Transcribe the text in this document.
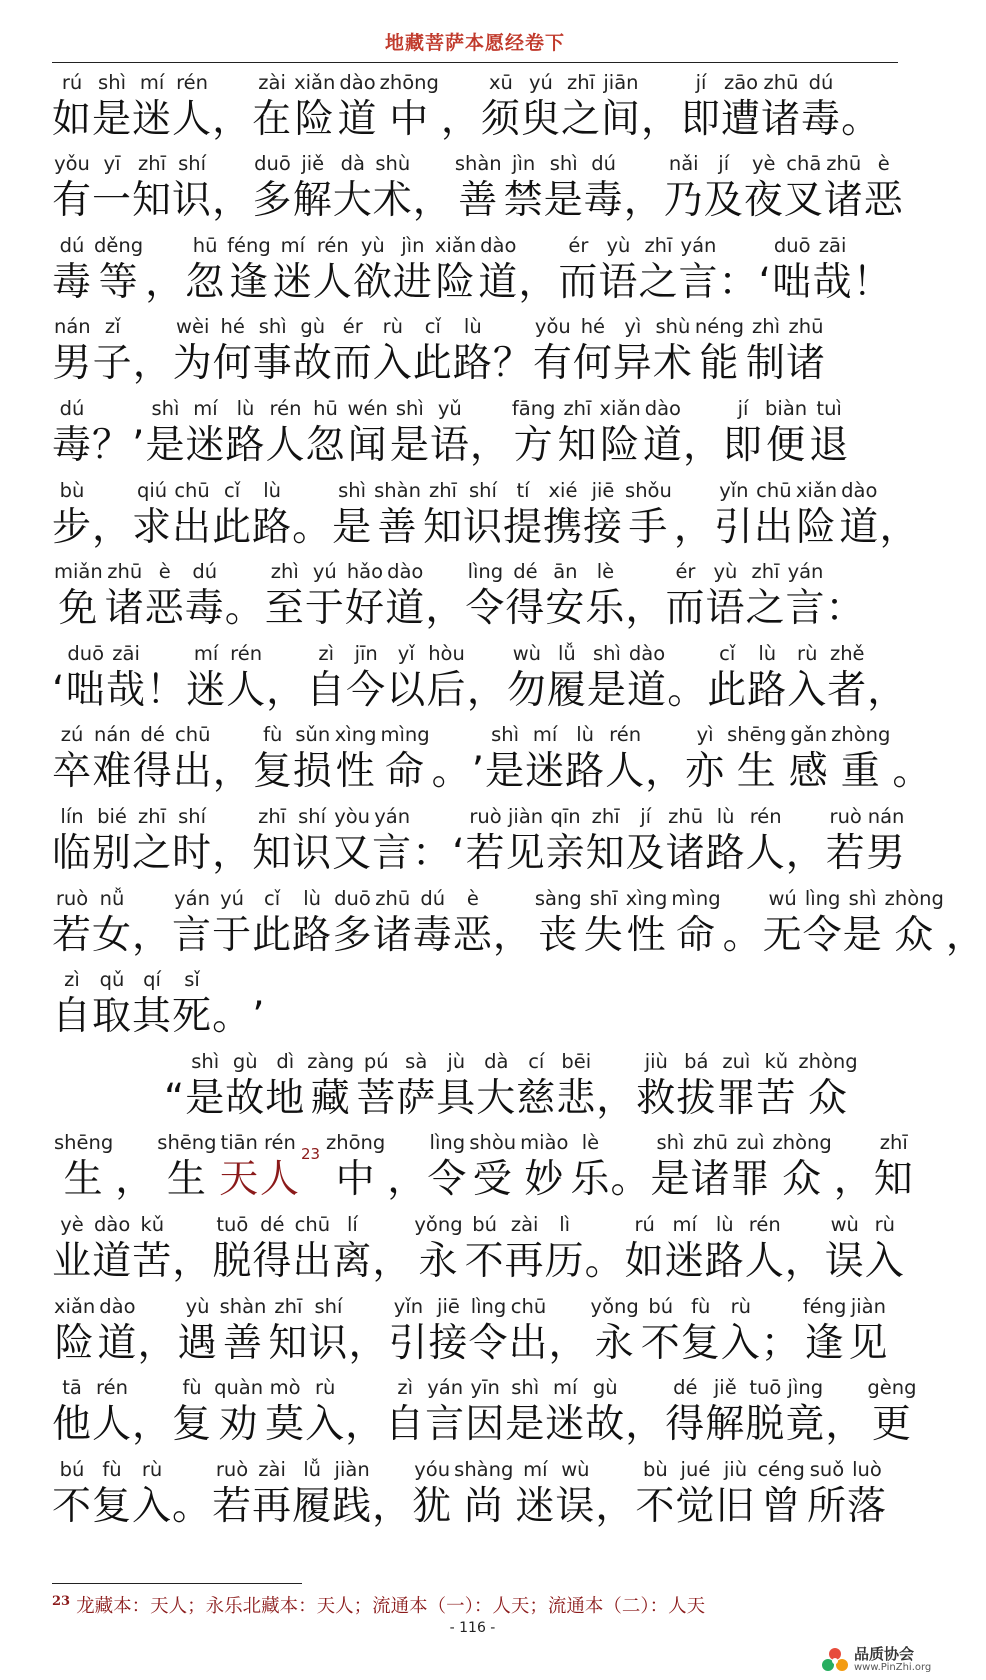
地藏菩萨本愿经卷下
rú
如
shì
是
mí
迷
rén
人 ，
zài
在
xiǎn
险
dào
道
zhōng
中 ，
xū
须
yú
臾
zhī
之
jiān
间 ，
jí
即
zāo
遭
zhū
诸
dú
毒 。
yǒu
有
yī
一
zhī
知
shí
识 ，
duō
多
jiě
解
dà
大
shù
术 ，
shàn
善
jìn
禁
shì
是
dú
毒 ，
nǎi
乃
jí
及
yè
夜
chā
叉
zhū
诸
è
恶
dú
毒
děng
等 ，
hū
忽
féng
逢
mí
迷
rén
人
yù
欲
jìn
进
xiǎn
险
dào
道 ，
ér
而
yù
语
zhī
之
yán
言 ： ‘
duō
咄
zāi
哉 ！
nán
男
zǐ
子 ，
wèi
为
hé
何
shì
事
gù
故
ér
而
rù
入
cǐ
此
lù
路 ？
yǒu
有
hé
何
yì
异
shù
术
néng
能
zhì
制
zhū
诸
dú
毒 ？ ’
shì
是
mí
迷
lù
路
rén
人
hū
忽
wén
闻
shì
是
yǔ
语 ，
fāng
方
zhī
知
xiǎn
险
dào
道 ，
jí
即
biàn
便
tuì
退
bù
步 ，
qiú
求
chū
出
cǐ
此
lù
路 。
shì
是
shàn
善
zhī
知
shí
识
tí
提
xié
携
jiē
接
shǒu
手 ，
yǐn
引
chū
出
xiǎn
险
dào
道 ，
miǎn
免
zhū
诸
è
恶
dú
毒 。
zhì
至
yú
于
hǎo
好
dào
道 ，
lìng
令
dé
得
ān
安
lè
乐 ，
ér
而
yù
语
zhī
之
yán
言 ：
‘
duō
咄
zāi
哉 ！
mí
迷
rén
人 ，
zì
自
jīn
今
yǐ
以
hòu
后 ，
wù
勿
lǚ
履
shì
是
dào
道 。
cǐ
此
lù
路
rù
入
zhě
者 ，
zú
卒
nán
难
dé
得
chū
出 ，
fù
复
sǔn
损
xìng
性
mìng
命 。 ’
shì
是
mí
迷
lù
路
rén
人 ，
yì
亦
shēng
生
gǎn
感
zhòng
重 。
lín
临
bié
别
zhī
之
shí
时 ，
zhī
知
shí
识
yòu
又
yán
言 ： ‘
ruò
若
jiàn
见
qīn
亲
zhī
知
jí
及
zhū
诸
lù
路
rén
人 ，
ruò
若
nán
男
ruò
若
nǚ
女 ，
yán
言
yú
于
cǐ
此
lù
路
duō
多
zhū
诸
dú
毒
è
恶 ，
sàng
丧
shī
失
xìng
性
mìng
命 。
wú
无
lìng
令
shì
是
zhòng
众 ，
zì
自
qǔ
取
qí
其
sǐ
死 。 ’
“
shì
是
gù
故
dì
地
zàng
藏
pú
菩
sà
萨
jù
具
dà
大
cí
慈
bēi
悲 ，
jiù
救
bá
拔
zuì
罪
kǔ
苦
zhòng
众
shēng
生 ，
shēng
生
tiān
天
rén
人
23 zhōng
中 ，
lìng
令
shòu
受
miào
妙
lè
乐 。
shì
是
zhū
诸
zuì
罪
zhòng
众 ，
zhī
知
yè
业
dào
道
kǔ
苦 ，
tuō
脱
dé
得
chū
出
lí
离 ，
yǒng
永
bú
不
zài
再
lì
历 。
rú
如
mí
迷
lù
路
rén
人 ，
wù
误
rù
入
xiǎn
险
dào
道 ，
yù
遇
shàn
善
zhī
知
shí
识 ，
yǐn
引
jiē
接
lìng
令
chū
出 ，
yǒng
永
bú
不
fù
复
rù
入 ；
féng
逢
jiàn
见
tā
他
rén
人 ，
fù
复
quàn
劝
mò
莫
rù
入 ，
zì
自
yán
言
yīn
因
shì
是
mí
迷
gù
故 ，
dé
得
jiě
解
tuō
脱
jìng
竟 ，
gèng
更
bú
不
fù
复
rù
入 。
ruò
若
zài
再
lǚ
履
jiàn
践 ，
yóu
犹
shàng
尚
mí
迷
wù
误 ，
bù
不
jué
觉
jiù
旧
céng
曾
suǒ
所
luò
落
$^{23}$ 龙藏本：天人；永乐北藏本：天人；流通本（一）：人天；流通本（二）：人天
- 116 -
品质协会
www.PinZhi.org
